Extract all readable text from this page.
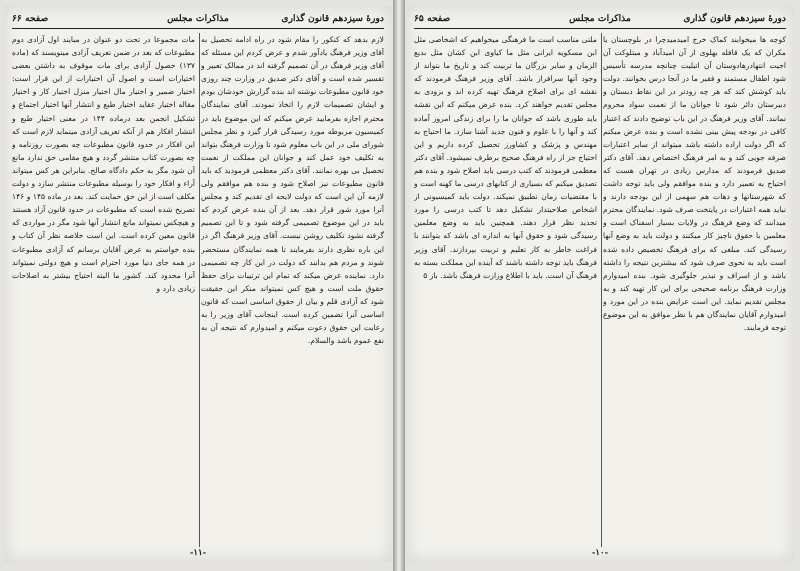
دورهٔ سیزدهم قانون گذاری
مذاکرات مجلس
صفحه ۶۶
لازم بدهد که کنکور را مقام شود در راه ادامه تحصیل به آقای وزیر فرهنگ یادآور شدم و عرض کردم این مسئله که آقای وزیر فرهنگ در آن تصمیم گرفته اند در ممالک تعبیر و تفسیر شده است و آقای دکتر صدیق در وزارت چند روزی خود قانون مطبوعات نوشته اند بنده گزارش خودشان بودم و ایشان تصمیمات لازم را اتخاذ نمودند. آقای نمایندگان محترم اجازه بفرمایید عرض میکنم که این موضوع باید در کمیسیون مربوطه مورد رسیدگی قرار گیرد و نظر مجلس شورای ملی در این باب معلوم شود تا وزارت فرهنگ بتواند به تکلیف خود عمل کند و جوانان این مملکت از نعمت تحصیل بی بهره نمانند. آقای دکتر معظمی فرمودید که باید قانون مطبوعات نیز اصلاح شود و بنده هم موافقم ولی لازمه آن این است که دولت لایحه ای تقدیم کند و مجلس آنرا مورد شور قرار دهد. بعد از آن بنده عرض کردم که باید در این موضوع تصمیمی گرفته شود و تا این تصمیم گرفته نشود تکلیف روشن نیست. آقای وزیر فرهنگ اگر در این باره نظری دارند بفرمایند تا همه نمایندگان مستحضر شوند و مردم هم بدانند که دولت در این کار چه تصمیمی دارد. نماینده عرض میکند که تمام این ترتیبات برای حفظ حقوق ملت است و هیچ کس نمیتواند منکر این حقیقت شود که آزادی قلم و بیان از حقوق اساسی است که قانون اساسی آنرا تضمین کرده است. اینجانب آقای وزیر را به رعایت این حقوق دعوت میکنم و امیدوارم که نتیجه آن به نفع عموم باشد والسلام.
مات مجموعا در تحت دو عنوان در مبایند اول آزادی دوم مطبوعات که بعد در ضمن تعریف آزادی مینویسند که (ماده ۱۳۷) حصول آزادی برای مات موقوف به داشتن بعضی اختیارات است و اصول آن اختیارات از این قرار است: اختیار ضمیر و اختیار مال اختیار منزل اختیار کار و اختیار مقاله اختیار عقاید اختیار طبع و انتشار آنها اختیار اجتماع و تشکیل انجمن بعد درماده ۱۴۴ در معنی اختیار طبع و انتشار افکار هم از آنکه تعریف آزادی مینماید لازم است که این افکار در حدود قانون مطبوعات چه بصورت روزنامه و چه بصورت کتاب منتشر گردد و هیچ مقامی حق ندارد مانع آن شود مگر به حکم دادگاه صالح. بنابراین هر کس میتواند آراء و افکار خود را بوسیله مطبوعات منتشر سازد و دولت مکلف است از این حق حمایت کند. بعد در ماده ۱۴۵ و ۱۴۶ تصریح شده است که مطبوعات در حدود قانون آزاد هستند و هیچکس نمیتواند مانع انتشار آنها شود مگر در مواردی که قانون معین کرده است. این است خلاصه نظر آن کتاب و بنده خواستم به عرض آقایان برسانم که آزادی مطبوعات در همه جای دنیا مورد احترام است و هیچ دولتی نمیتواند آنرا محدود کند. کشور ما البته احتیاج بیشتر به اصلاحات زیادی دارد و
-۱۱-
دورهٔ سیزدهم قانون گذاری
مذاکرات مجلس
صفحه ۶۵
کوچه ها میخوابند کماک خرج امیدمیدچرا در بلوچستان یا مکران که یک قافله بهلوی از آن امیدآباد و مبتلوکت آن اجیت انتهادرهادوستان آن اتبلیت چنانچه مدرسه تأسیس شود اطفال مستمند و فقیر ما در آنجا درس بخوانند. دولت باید کوشش کند که هر چه زودتر در این نقاط دبستان و دبیرستان دائر شود تا جوانان ما از نعمت سواد محروم نمانند. آقای وزیر فرهنگ در این باب توضیح دادند که اعتبار کافی در بودجه پیش بینی نشده است و بنده عرض میکنم که اگر دولت اراده داشته باشد میتواند از سایر اعتبارات صرفه جویی کند و به امر فرهنگ اختصاص دهد. آقای دکتر صدیق فرمودند که مدارس زیادی در تهران هست که احتیاج به تعمیر دارد و بنده موافقم ولی باید توجه داشت که شهرستانها و دهات هم سهمی از این بودجه دارند و نباید همه اعتبارات در پایتخت صرف شود. نمایندگان محترم میدانند که وضع فرهنگ در ولایات بسیار اسفناک است و معلمین با حقوق ناچیز کار میکنند و دولت باید به وضع آنها رسیدگی کند. مبلغی که برای فرهنگ تخصیص داده شده است باید به نحوی صرف شود که بیشترین نتیجه را داشته باشد و از اسراف و تبذیر جلوگیری شود. بنده امیدوارم وزارت فرهنگ برنامه صحیحی برای این کار تهیه کند و به مجلس تقدیم نماید. این است عرایض بنده در این مورد و امیدوارم آقایان نمایندگان هم با نظر موافق به این موضوع توجه فرمایند.
ملتی مناسب است ما فرهنگی میخواهیم که اشخاصی مثل ابن مسکویه ایرانی مثل ما کیاوی ابن کشان مثل بدیع الزمان و سایر بزرگان ما تربیت کند و تاریخ ما بتواند از وجود آنها سرافراز باشد. آقای وزیر فرهنگ فرمودند که نقشه ای برای اصلاح فرهنگ تهیه کرده اند و بزودی به مجلس تقدیم خواهند کرد. بنده عرض میکنم که این نقشه باید طوری باشد که جوانان ما را برای زندگی امروز آماده کند و آنها را با علوم و فنون جدید آشنا سازد. ما احتیاج به مهندس و پزشک و کشاورز تحصیل کرده داریم و این احتیاج جز از راه فرهنگ صحیح برطرف نمیشود. آقای دکتر معظمی فرمودند که کتب درسی باید اصلاح شود و بنده هم تصدیق میکنم که بسیاری از کتابهای درسی ما کهنه است و با مقتضیات زمان تطبیق نمیکند. دولت باید کمیسیونی از اشخاص صلاحیتدار تشکیل دهد تا کتب درسی را مورد تجدید نظر قرار دهند. همچنین باید به وضع معلمین رسیدگی شود و حقوق آنها به اندازه ای باشد که بتوانند با فراغت خاطر به کار تعلیم و تربیت بپردازند. آقای وزیر فرهنگ باید توجه داشته باشند که آینده این مملکت بسته به فرهنگ آن است. باید با اطلاع وزارت فرهنگ باشد. باز ۵
-۱۰-
